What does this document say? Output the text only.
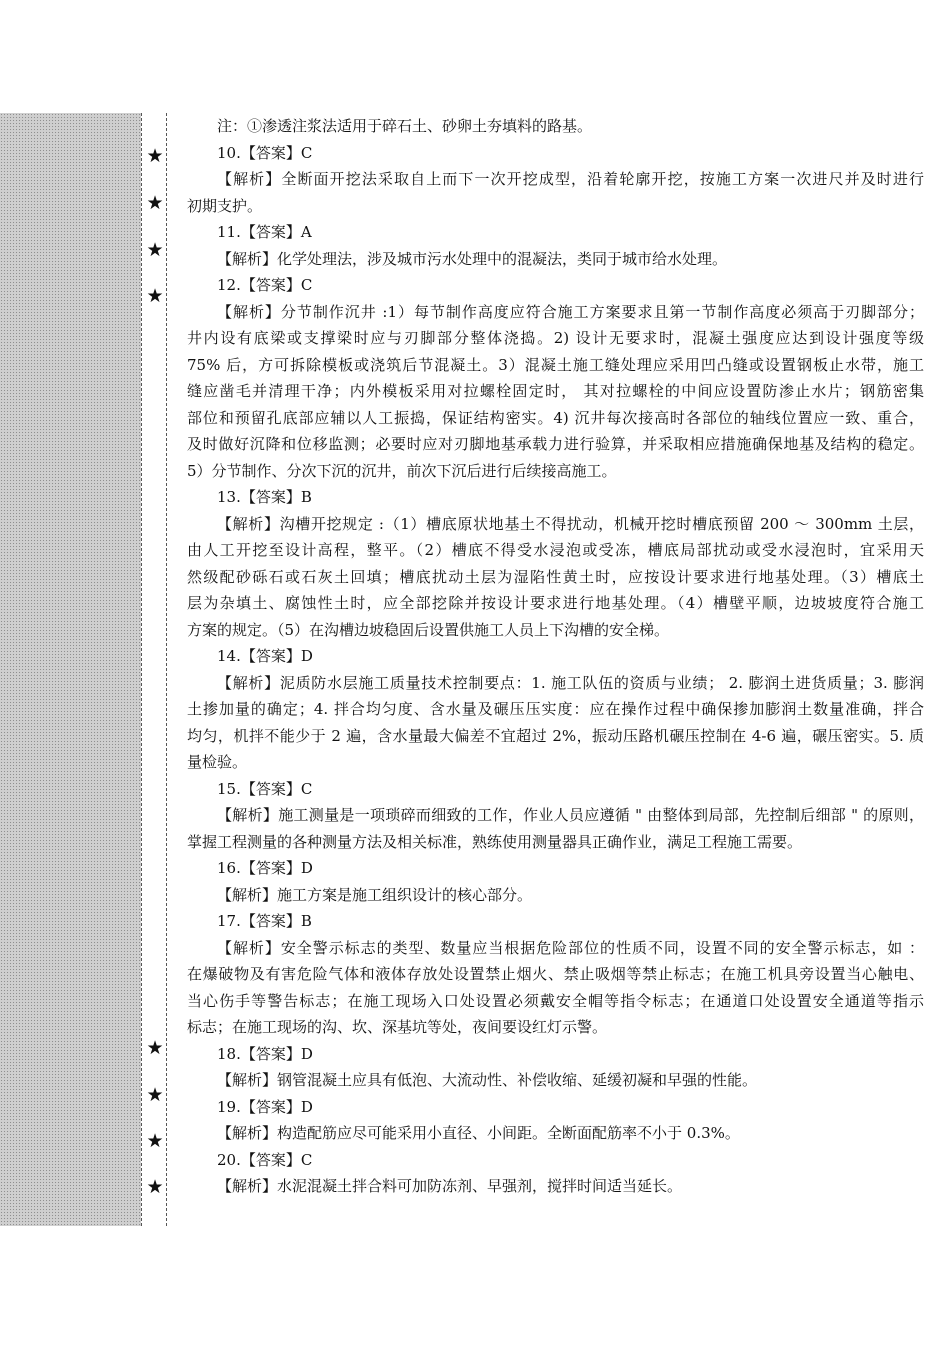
★
★
★
★
★
★
★
★
注：①渗透注浆法适用于碎石土、砂卵土夯填料的路基。
10.【答案】C
【解析】全断面开挖法采取自上而下一次开挖成型，沿着轮廓开挖，按施工方案一次进尺并及时进行
初期支护。
11.【答案】A
【解析】化学处理法，涉及城市污水处理中的混凝法，类同于城市给水处理。
12.【答案】C
【解析】分节制作沉井 :1）每节制作高度应符合施工方案要求且第一节制作高度必须高于刃脚部分；
井内设有底梁或支撑梁时应与刃脚部分整体浇捣。2) 设计无要求时，混凝土强度应达到设计强度等级
75% 后，方可拆除模板或浇筑后节混凝土。3）混凝土施工缝处理应采用凹凸缝或设置钢板止水带，施工
缝应凿毛并清理干净；内外模板采用对拉螺栓固定时， 其对拉螺栓的中间应设置防渗止水片；钢筋密集
部位和预留孔底部应辅以人工振捣，保证结构密实。4) 沉井每次接高时各部位的轴线位置应一致、重合，
及时做好沉降和位移监测；必要时应对刃脚地基承载力进行验算，并采取相应措施确保地基及结构的稳定。
5）分节制作、分次下沉的沉井，前次下沉后进行后续接高施工。
13.【答案】B
【解析】沟槽开挖规定 :（1）槽底原状地基土不得扰动，机械开挖时槽底预留 200 ～ 300mm 土层，
由人工开挖至设计高程，整平。（2）槽底不得受水浸泡或受冻，槽底局部扰动或受水浸泡时，宜采用天
然级配砂砾石或石灰土回填；槽底扰动土层为湿陷性黄土时，应按设计要求进行地基处理。（3）槽底土
层为杂填土、腐蚀性土时，应全部挖除并按设计要求进行地基处理。（4）槽壁平顺，边坡坡度符合施工
方案的规定。（5）在沟槽边坡稳固后设置供施工人员上下沟槽的安全梯。
14.【答案】D
【解析】泥质防水层施工质量技术控制要点：1. 施工队伍的资质与业绩； 2. 膨润土进货质量；3. 膨润
土掺加量的确定；4. 拌合均匀度、含水量及碾压压实度：应在操作过程中确保掺加膨润土数量准确，拌合
均匀，机拌不能少于 2 遍，含水量最大偏差不宜超过 2%，振动压路机碾压控制在 4-6 遍，碾压密实。5. 质
量检验。
15.【答案】C
【解析】施工测量是一项琐碎而细致的工作，作业人员应遵循 " 由整体到局部，先控制后细部 " 的原则，
掌握工程测量的各种测量方法及相关标准，熟练使用测量器具正确作业，满足工程施工需要。
16.【答案】D
【解析】施工方案是施工组织设计的核心部分。
17.【答案】B
【解析】安全警示标志的类型、数量应当根据危险部位的性质不同，设置不同的安全警示标志，如 ：
在爆破物及有害危险气体和液体存放处设置禁止烟火、禁止吸烟等禁止标志；在施工机具旁设置当心触电、
当心伤手等警告标志；在施工现场入口处设置必须戴安全帽等指令标志；在通道口处设置安全通道等指示
标志；在施工现场的沟、坎、深基坑等处，夜间要设红灯示警。
18.【答案】D
【解析】钢管混凝土应具有低泡、大流动性、补偿收缩、延缓初凝和早强的性能。
19.【答案】D
【解析】构造配筋应尽可能采用小直径、小间距。全断面配筋率不小于 0.3%。
20.【答案】C
【解析】水泥混凝土拌合料可加防冻剂、早强剂，搅拌时间适当延长。
